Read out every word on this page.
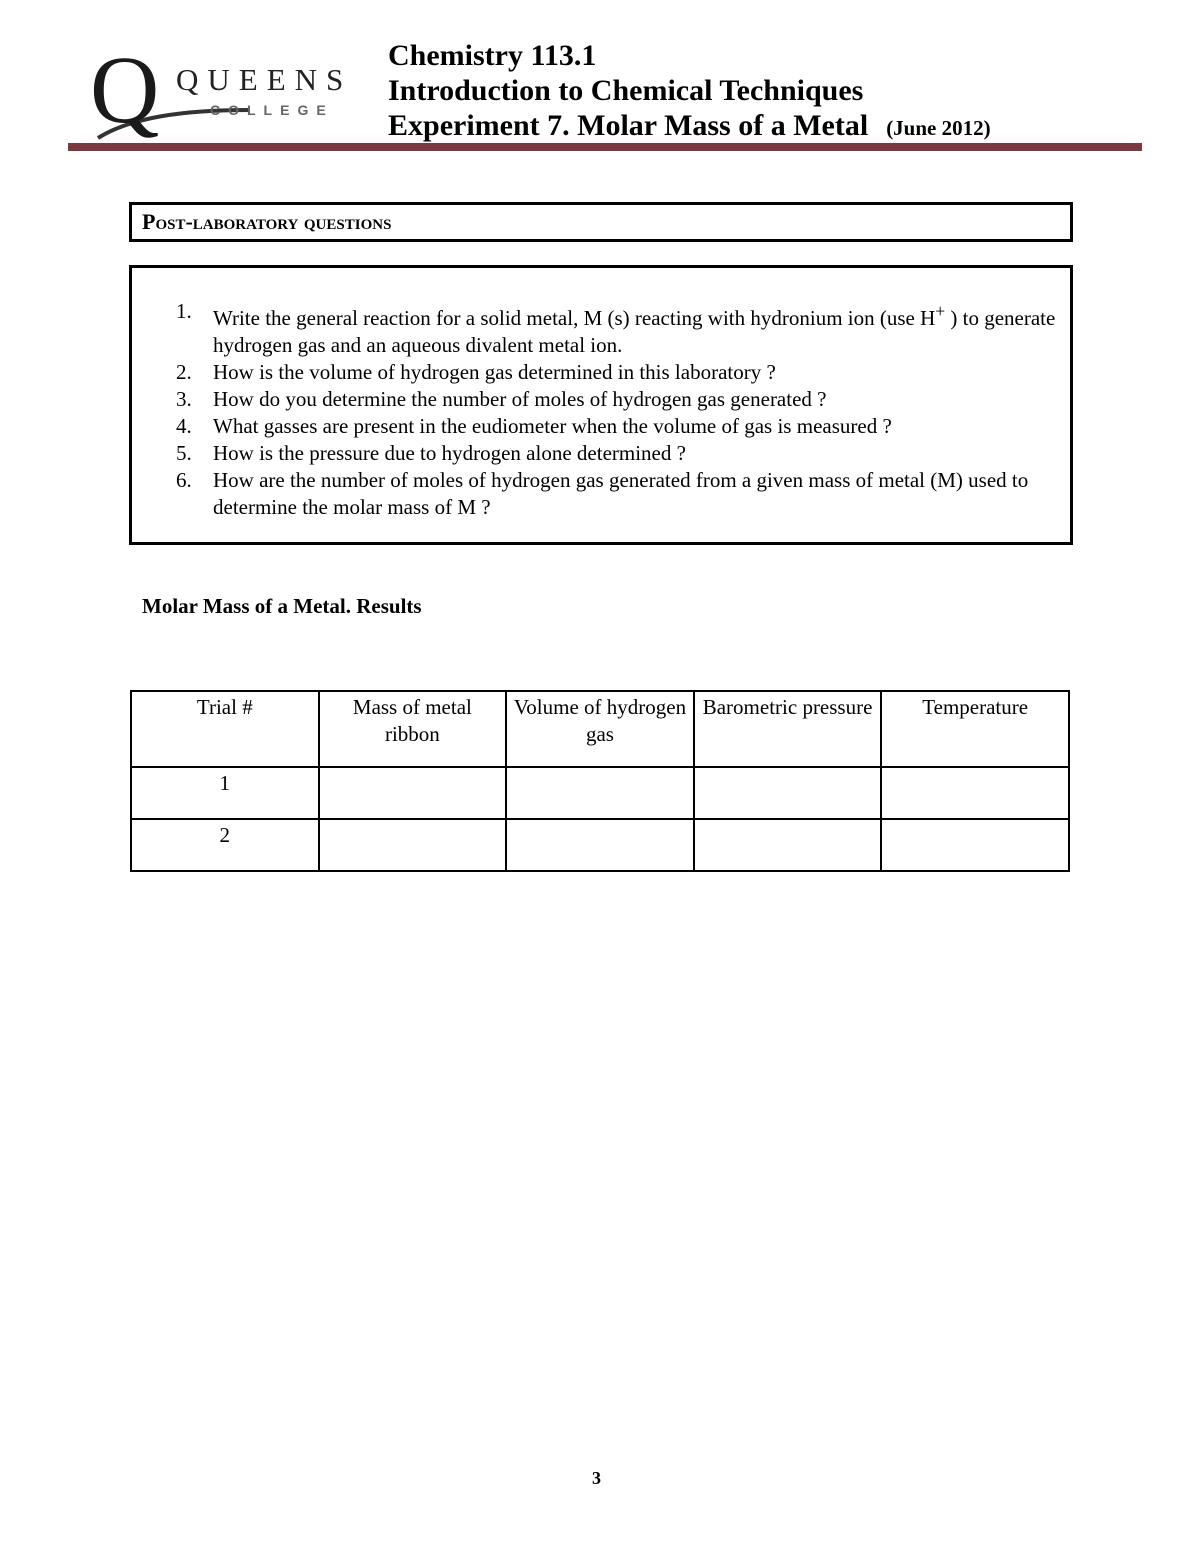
Q QUEENS
COLLEGE
Chemistry 113.1
Introduction to Chemical Techniques
Experiment 7. Molar Mass of a Metal (June 2012)
Post-laboratory questions
1. Write the general reaction for a solid metal, M (s) reacting with hydronium ion (use H+ ) to generate hydrogen gas and an aqueous divalent metal ion.
2. How is the volume of hydrogen gas determined in this laboratory ?
3. How do you determine the number of moles of hydrogen gas generated ?
4. What gasses are present in the eudiometer when the volume of gas is measured ?
5. How is the pressure due to hydrogen alone determined ?
6. How are the number of moles of hydrogen gas generated from a given mass of metal (M) used to determine the molar mass of M ?
Molar Mass of a Metal. Results
Trial #	Mass of metal ribbon	Volume of hydrogen gas	Barometric pressure	Temperature
1				
2				
3
